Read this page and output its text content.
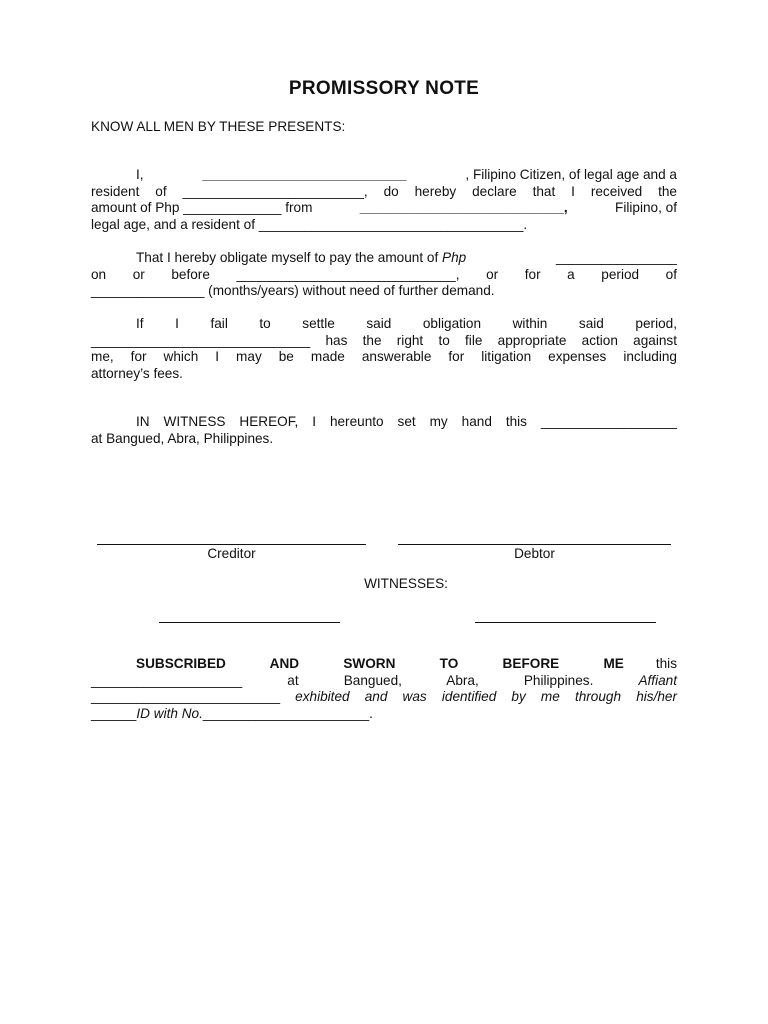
PROMISSORY NOTE
KNOW ALL MEN BY THESE PRESENTS:
I,	___________________________	, Filipino Citizen, of legal age and a
resident of ________________________, do hereby declare that I received the
amount of Php _____________ from	___________________________,	Filipino, of
legal age, and a resident of ___________________________________.
That I hereby obligate myself to pay the amount of Php	________________
on or before _____________________________, or for a period of
_______________ (months/years) without need of further demand.
If I fail to settle said obligation within said period,
_____________________________ has the right to file appropriate action against
me, for which I may be made answerable for litigation expenses including
attorney’s fees.
IN WITNESS HEREOF, I hereunto set my hand this __________________
at Bangued, Abra, Philippines.
Creditor	Debtor
WITNESSES:
SUBSCRIBED AND SWORN TO BEFORE ME this
____________________ at Bangued, Abra, Philippines. Affiant
_________________________ exhibited and was identified by me through his/her
______ID with No.______________________.
